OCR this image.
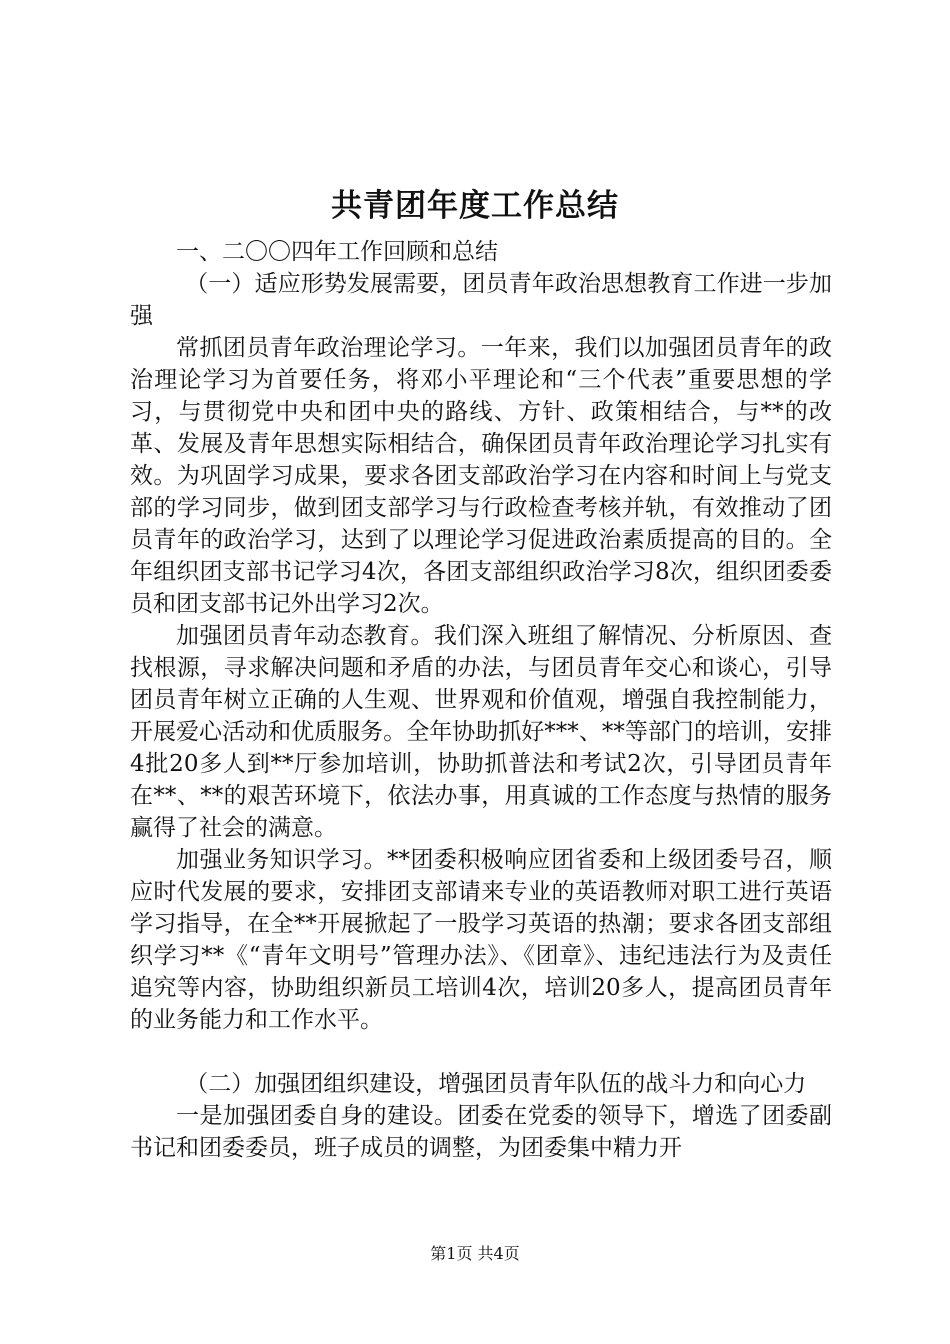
共青团年度工作总结

一、二〇〇四年工作回顾和总结

（一）适应形势发展需要，团员青年政治思想教育工作进一步加强

常抓团员青年政治理论学习。一年来，我们以加强团员青年的政治理论学习为首要任务，将邓小平理论和“三个代表”重要思想的学习，与贯彻党中央和团中央的路线、方针、政策相结合，与**的改革、发展及青年思想实际相结合，确保团员青年政治理论学习扎实有效。为巩固学习成果，要求各团支部政治学习在内容和时间上与党支部的学习同步，做到团支部学习与行政检查考核并轨，有效推动了团员青年的政治学习，达到了以理论学习促进政治素质提高的目的。全年组织团支部书记学习4次，各团支部组织政治学习8次，组织团委委员和团支部书记外出学习2次。

加强团员青年动态教育。我们深入班组了解情况、分析原因、查找根源，寻求解决问题和矛盾的办法，与团员青年交心和谈心，引导团员青年树立正确的人生观、世界观和价值观，增强自我控制能力，开展爱心活动和优质服务。全年协助抓好***、**等部门的培训，安排4批20多人到**厅参加培训，协助抓普法和考试2次，引导团员青年在**、**的艰苦环境下，依法办事，用真诚的工作态度与热情的服务赢得了社会的满意。

加强业务知识学习。**团委积极响应团省委和上级团委号召，顺应时代发展的要求，安排团支部请来专业的英语教师对职工进行英语学习指导，在全**开展掀起了一股学习英语的热潮；要求各团支部组织学习**《“青年文明号”管理办法》、《团章》、违纪违法行为及责任追究等内容，协助组织新员工培训4次，培训20多人，提高团员青年的业务能力和工作水平。

（二）加强团组织建设，增强团员青年队伍的战斗力和向心力

一是加强团委自身的建设。团委在党委的领导下，增选了团委副书记和团委委员，班子成员的调整，为团委集中精力开

第1页 共4页
